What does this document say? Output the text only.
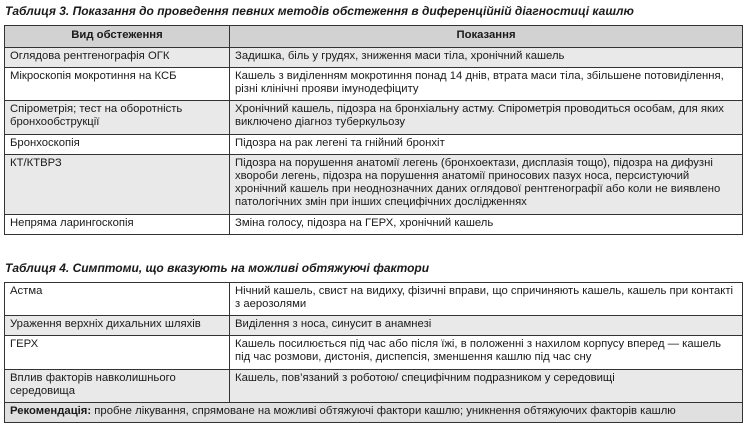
Таблиця 3. Показання до проведення певних методів обстеження в диференційній діагностиці кашлю
Вид обстеження	Показання
Оглядова рентгенографія ОГК	Задишка, біль у грудях, зниження маси тіла, хронічний кашель
Мікроскопія мокротиння на КСБ	Кашель з виділенням мокротиння понад 14 днів, втрата маси тіла, збільшене потовиділення, різні клінічні прояви імунодефіциту
Спірометрія; тест на оборотність бронхообструкції	Хронічний кашель, підозра на бронхіальну астму. Спірометрія проводиться особам, для яких виключено діагноз туберкульозу
Бронхоскопія	Підозра на рак легені та гнійний бронхіт
КТ/КТВРЗ	Підозра на порушення анатомії легень (бронхоектази, дисплазія тощо), підозра на дифузні хвороби легень, підозра на порушення анатомії приносових пазух носа, персистуючий хронічний кашель при неоднозначних даних оглядової рентгенографії або коли не виявлено патологічних змін при інших специфічних дослідженнях
Непряма ларингоскопія	Зміна голосу, підозра на ГЕРХ, хронічний кашель
Таблиця 4. Симптоми, що вказують на можливі обтяжуючі фактори
Астма	Нічний кашель, свист на видиху, фізичні вправи, що спричиняють кашель, кашель при контакті з аерозолями
Ураження верхніх дихальних шляхів	Виділення з носа, синусит в анамнезі
ГЕРХ	Кашель посилюється під час або після їжі, в положенні з нахилом корпусу вперед — кашель під час розмови, дистонія, диспепсія, зменшення кашлю під час сну
Вплив факторів навколишнього середовища	Кашель, пов’язаний з роботою/ специфічним подразником у середовищі
Рекомендація: пробне лікування, спрямоване на можливі обтяжуючі фактори кашлю; уникнення обтяжуючих факторів кашлю	
